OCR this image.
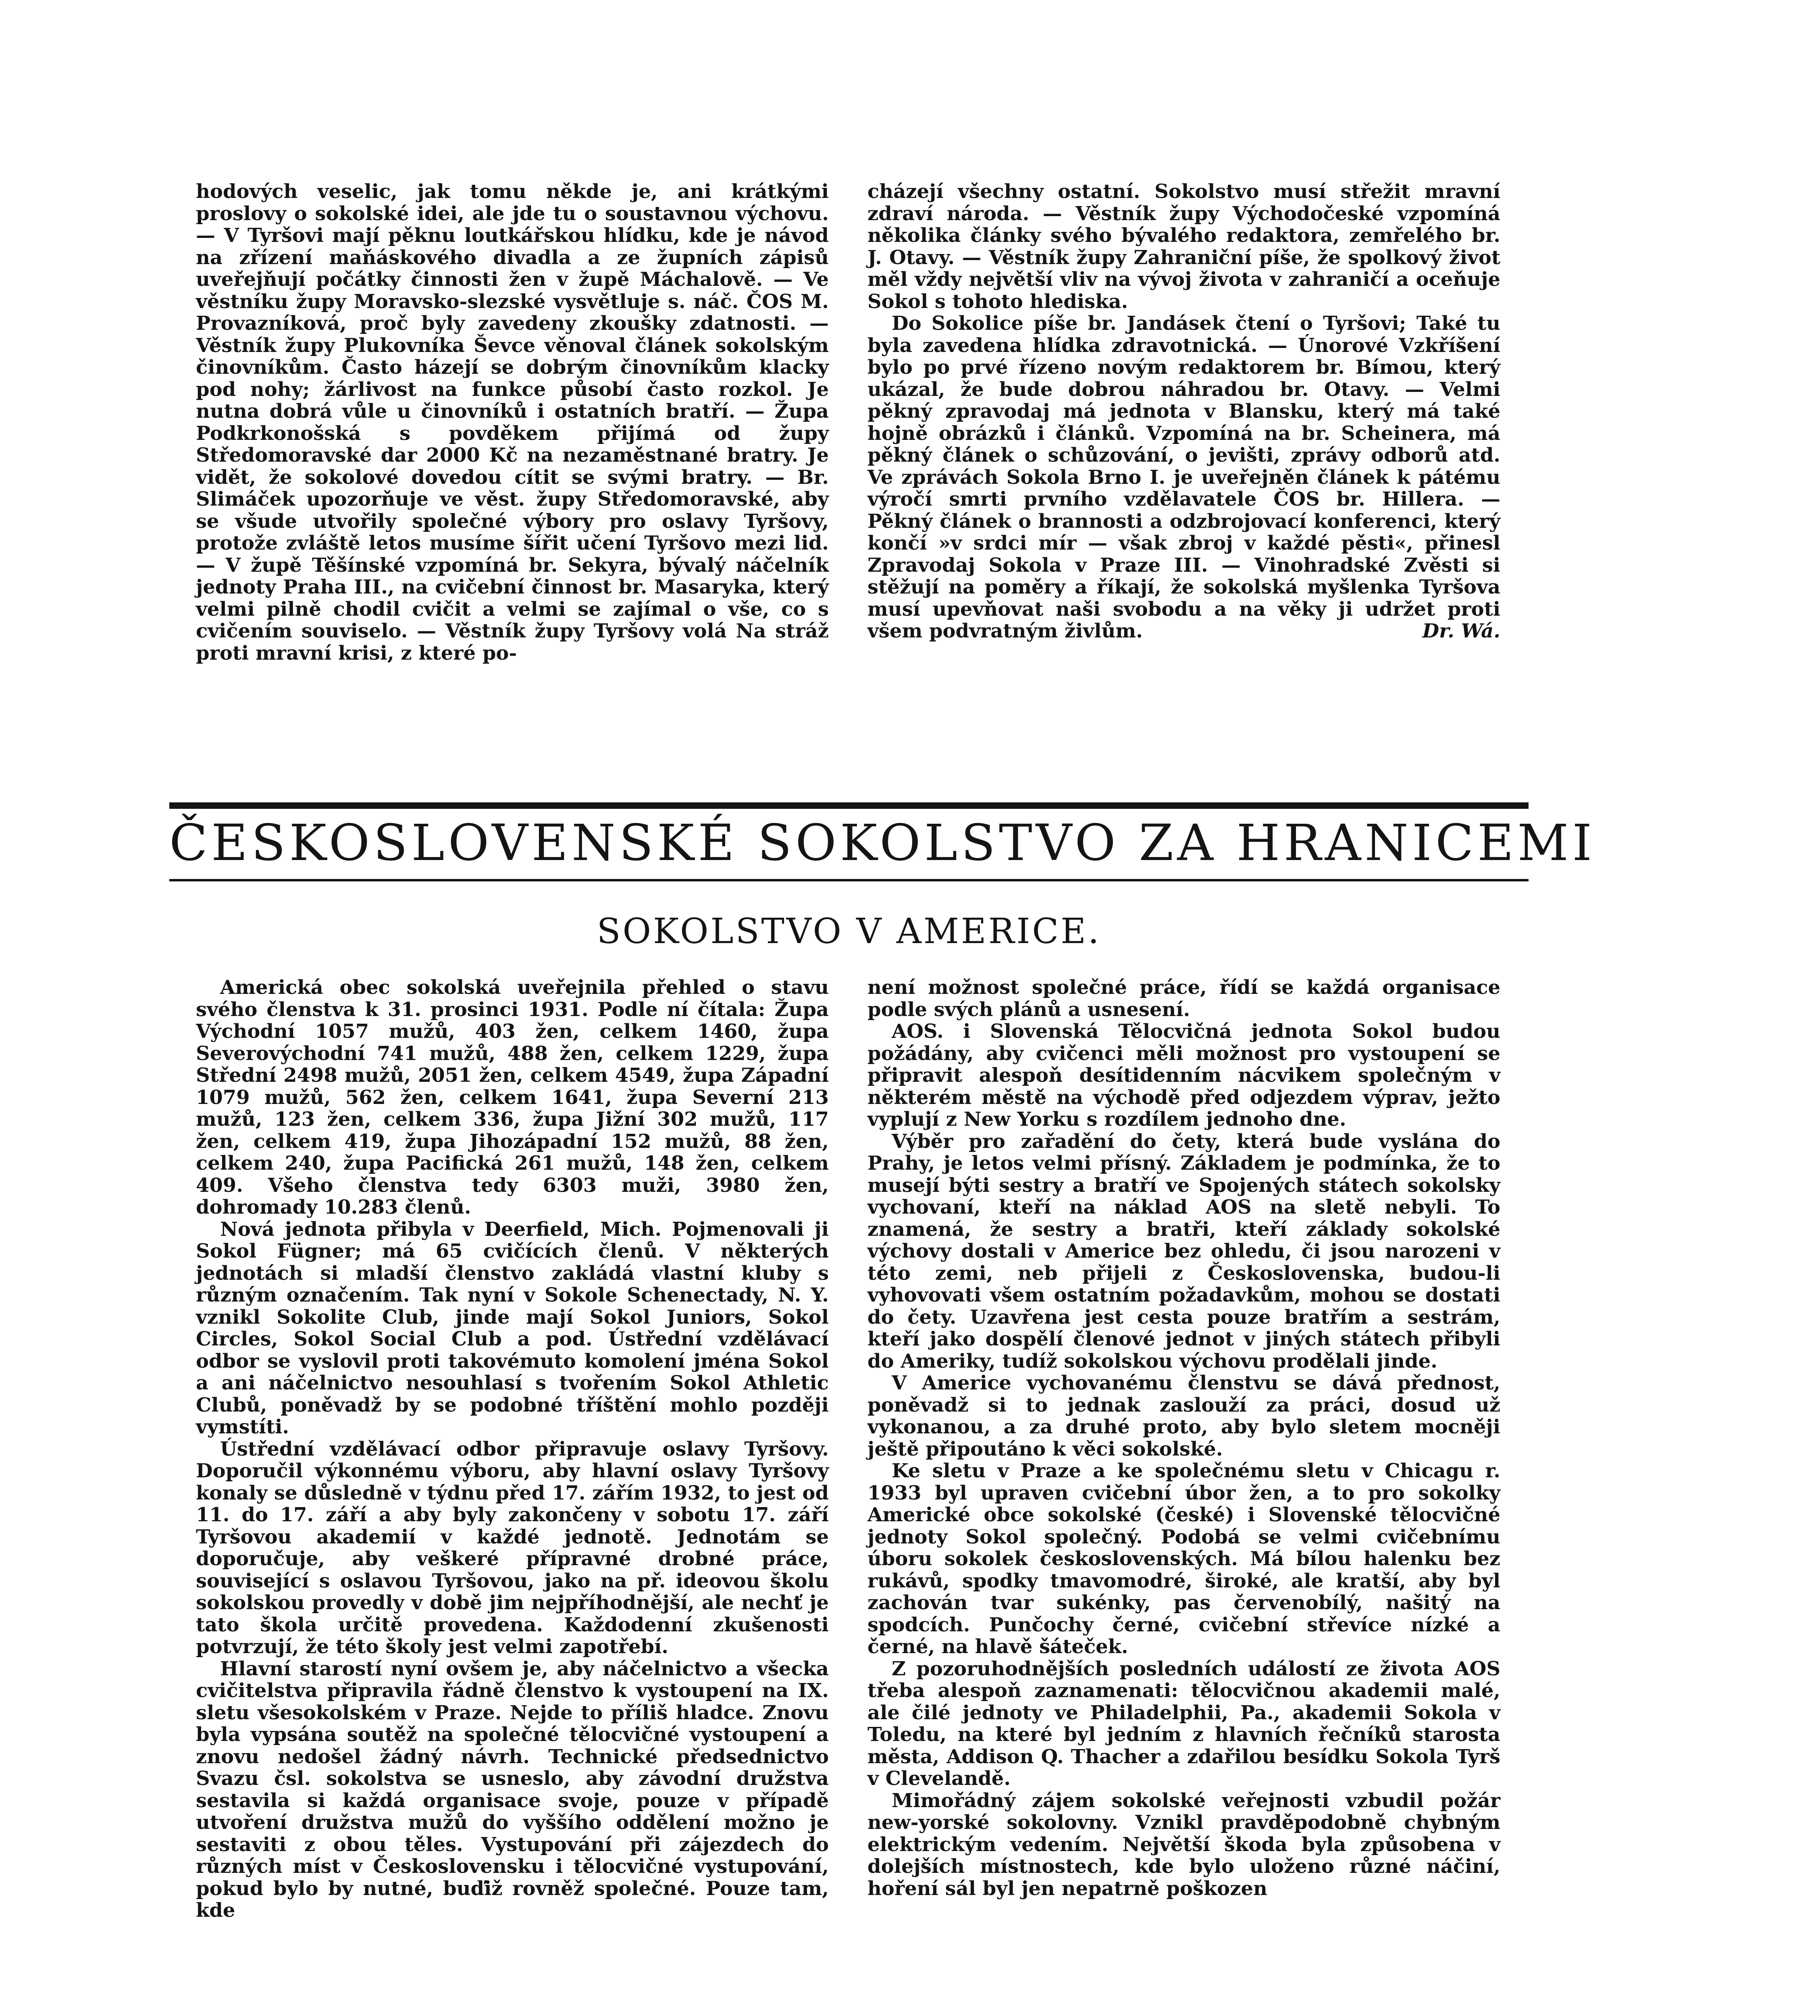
hodových veselic, jak tomu někde je, ani krátkými proslovy o sokolské idei, ale jde tu o soustavnou výchovu. — V Tyršovi mají pěknu loutkářskou hlídku, kde je návod na zřízení maňáskového divadla a ze župních zápisů uveřejňují počátky činnosti žen v župě Máchalově. — Ve věstníku župy Moravsko-slezské vysvětluje s. náč. ČOS M. Provazníková, proč byly zavedeny zkoušky zdatnosti. — Věstník župy Plukovníka Ševce věnoval článek sokolským činovníkům. Často házejí se dobrým činovníkům klacky pod nohy; žárlivost na funkce působí často rozkol. Je nutna dobrá vůle u činovníků i ostatních bratří. — Župa Podkrkonošská s povděkem přijímá od župy Středomoravské dar 2000 Kč na nezaměstnané bratry. Je vidět, že sokolové dovedou cítit se svými bratry. — Br. Slimáček upozorňuje ve věst. župy Středomoravské, aby se všude utvořily společné výbory pro oslavy Tyršovy, protože zvláště letos musíme šířit učení Tyršovo mezi lid. — V župě Těšínské vzpomíná br. Sekyra, bývalý náčelník jednoty Praha III., na cvičební činnost br. Masaryka, který velmi pilně chodil cvičit a velmi se zajímal o vše, co s cvičením souviselo. — Věstník župy Tyršovy volá Na stráž proti mravní krisi, z které po-

cházejí všechny ostatní. Sokolstvo musí střežit mravní zdraví národa. — Věstník župy Východočeské vzpomíná několika články svého bývalého redaktora, zemřelého br. J. Otavy. — Věstník župy Zahraniční píše, že spolkový život měl vždy největší vliv na vývoj života v zahraničí a oceňuje Sokol s tohoto hlediska.

Do Sokolice píše br. Jandásek čtení o Tyršovi; Také tu byla zavedena hlídka zdravotnická. — Únorové Vzkříšení bylo po prvé řízeno novým redaktorem br. Bímou, který ukázal, že bude dobrou náhradou br. Otavy. — Velmi pěkný zpravodaj má jednota v Blansku, který má také hojně obrázků i článků. Vzpomíná na br. Scheinera, má pěkný článek o schůzování, o jevišti, zprávy odborů atd. Ve zprávách Sokola Brno I. je uveřejněn článek k pátému výročí smrti prvního vzdělavatele ČOS br. Hillera. — Pěkný článek o brannosti a odzbrojovací konferenci, který končí »v srdci mír — však zbroj v každé pěsti«, přinesl Zpravodaj Sokola v Praze III. — Vinohradské Zvěsti si stěžují na poměry a říkají, že sokolská myšlenka Tyršova musí upevňovat naši svobodu a na věky ji udržet proti všem podvratným živlům.	Dr. Wá.

ČESKOSLOVENSKÉ SOKOLSTVO ZA HRANICEMI
SOKOLSTVO V AMERICE.

Americká obec sokolská uveřejnila přehled o stavu svého členstva k 31. prosinci 1931. Podle ní čítala: Župa Východní 1057 mužů, 403 žen, celkem 1460, župa Severovýchodní 741 mužů, 488 žen, celkem 1229, župa Střední 2498 mužů, 2051 žen, celkem 4549, župa Západní 1079 mužů, 562 žen, celkem 1641, župa Severní 213 mužů, 123 žen, celkem 336, župa Jižní 302 mužů, 117 žen, celkem 419, župa Jihozápadní 152 mužů, 88 žen, celkem 240, župa Pacifická 261 mužů, 148 žen, celkem 409. Všeho členstva tedy 6303 muži, 3980 žen, dohromady 10.283 členů.

Nová jednota přibyla v Deerfield, Mich. Pojmenovali ji Sokol Fügner; má 65 cvičících členů. V některých jednotách si mladší členstvo zakládá vlastní kluby s různým označením. Tak nyní v Sokole Schenectady, N. Y. vznikl Sokolite Club, jinde mají Sokol Juniors, Sokol Circles, Sokol Social Club a pod. Ústřední vzdělávací odbor se vyslovil proti takovémuto komolení jména Sokol a ani náčelnictvo nesouhlasí s tvořením Sokol Athletic Clubů, poněvadž by se podobné tříštění mohlo později vymstíti.

Ústřední vzdělávací odbor připravuje oslavy Tyršovy. Doporučil výkonnému výboru, aby hlavní oslavy Tyršovy konaly se důsledně v týdnu před 17. zářím 1932, to jest od 11. do 17. září a aby byly zakončeny v sobotu 17. září Tyršovou akademií v každé jednotě. Jednotám se doporučuje, aby veškeré přípravné drobné práce, související s oslavou Tyršovou, jako na př. ideovou školu sokolskou provedly v době jim nejpříhodnější, ale nechť je tato škola určitě provedena. Každodenní zkušenosti potvrzují, že této školy jest velmi zapotřebí.

Hlavní starostí nyní ovšem je, aby náčelnictvo a všecka cvičitelstva připravila řádně členstvo k vystoupení na IX. sletu všesokolském v Praze. Nejde to příliš hladce. Znovu byla vypsána soutěž na společné tělocvičné vystoupení a znovu nedošel žádný návrh. Technické předsednictvo Svazu čsl. sokolstva se usneslo, aby závodní družstva sestavila si každá organisace svoje, pouze v případě utvoření družstva mužů do vyššího oddělení možno je sestaviti z obou těles. Vystupování při zájezdech do různých míst v Československu i tělocvičné vystupování, pokud bylo by nutné, buďiž rovněž společné. Pouze tam, kde

není možnost společné práce, řídí se každá organisace podle svých plánů a usnesení.

AOS. i Slovenská Tělocvičná jednota Sokol budou požádány, aby cvičenci měli možnost pro vystoupení se připravit alespoň desítidenním nácvikem společným v některém městě na východě před odjezdem výprav, ježto vyplují z New Yorku s rozdílem jednoho dne.

Výběr pro zařadění do čety, která bude vyslána do Prahy, je letos velmi přísný. Základem je podmínka, že to musejí býti sestry a bratří ve Spojených státech sokolsky vychovaní, kteří na náklad AOS na sletě nebyli. To znamená, že sestry a bratři, kteří základy sokolské výchovy dostali v Americe bez ohledu, či jsou narozeni v této zemi, neb přijeli z Československa, budou-li vyhovovati všem ostatním požadavkům, mohou se dostati do čety. Uzavřena jest cesta pouze bratřím a sestrám, kteří jako dospělí členové jednot v jiných státech přibyli do Ameriky, tudíž sokolskou výchovu prodělali jinde.

V Americe vychovanému členstvu se dává přednost, poněvadž si to jednak zaslouží za práci, dosud už vykonanou, a za druhé proto, aby bylo sletem mocněji ještě připoutáno k věci sokolské.

Ke sletu v Praze a ke společnému sletu v Chicagu r. 1933 byl upraven cvičební úbor žen, a to pro sokolky Americké obce sokolské (české) i Slovenské tělocvičné jednoty Sokol společný. Podobá se velmi cvičebnímu úboru sokolek československých. Má bílou halenku bez rukávů, spodky tmavomodré, široké, ale kratší, aby byl zachován tvar sukénky, pas červenobílý, našitý na spodcích. Punčochy černé, cvičební střevíce nízké a černé, na hlavě šáteček.

Z pozoruhodnějších posledních událostí ze života AOS třeba alespoň zaznamenati: tělocvičnou akademii malé, ale čilé jednoty ve Philadelphii, Pa., akademii Sokola v Toledu, na které byl jedním z hlavních řečníků starosta města, Addison Q. Thacher a zdařilou besídku Sokola Tyrš v Clevelandě.

Mimořádný zájem sokolské veřejnosti vzbudil požár new-yorské sokolovny. Vznikl pravděpodobně chybným elektrickým vedením. Největší škoda byla způsobena v dolejších místnostech, kde bylo uloženo různé náčiní, hoření sál byl jen nepatrně poškozen
